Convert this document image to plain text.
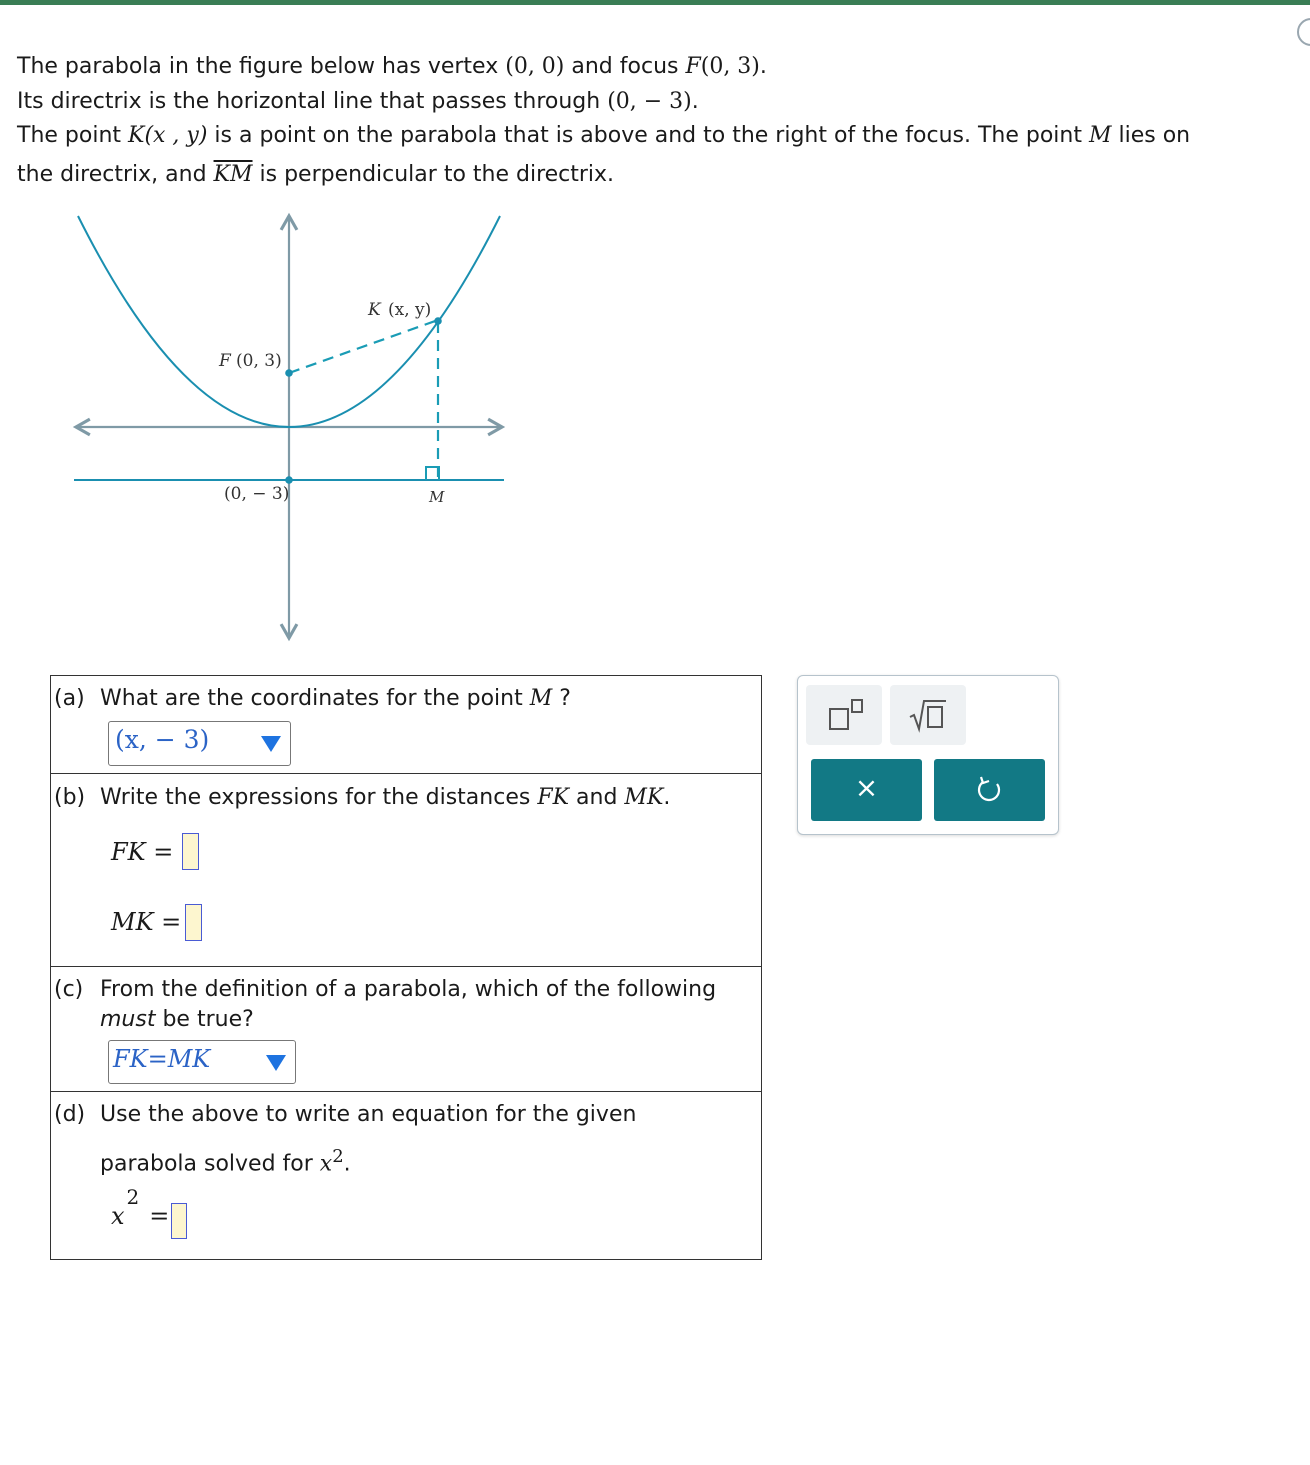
The parabola in the figure below has vertex (0, 0) and focus F(0, 3).

Its directrix is the horizontal line that passes through (0, − 3).

The point K(x , y) is a point on the parabola that is above and to the right of the focus. The point M lies on

the directrix, and $\overline{KM}$ is perpendicular to the directrix.

K (x, y)
F (0, 3)
(0, − 3)	M
(a) What are the coordinates for the point M ?
(x, − 3)
(b) Write the expressions for the distances FK and MK.
FK =
MK =
(c) From the definition of a parabola, which of the following
must be true?
FK=MK
(d) Use the above to write an equation for the given
parabola solved for $x^2$.
$x^2=$
×
